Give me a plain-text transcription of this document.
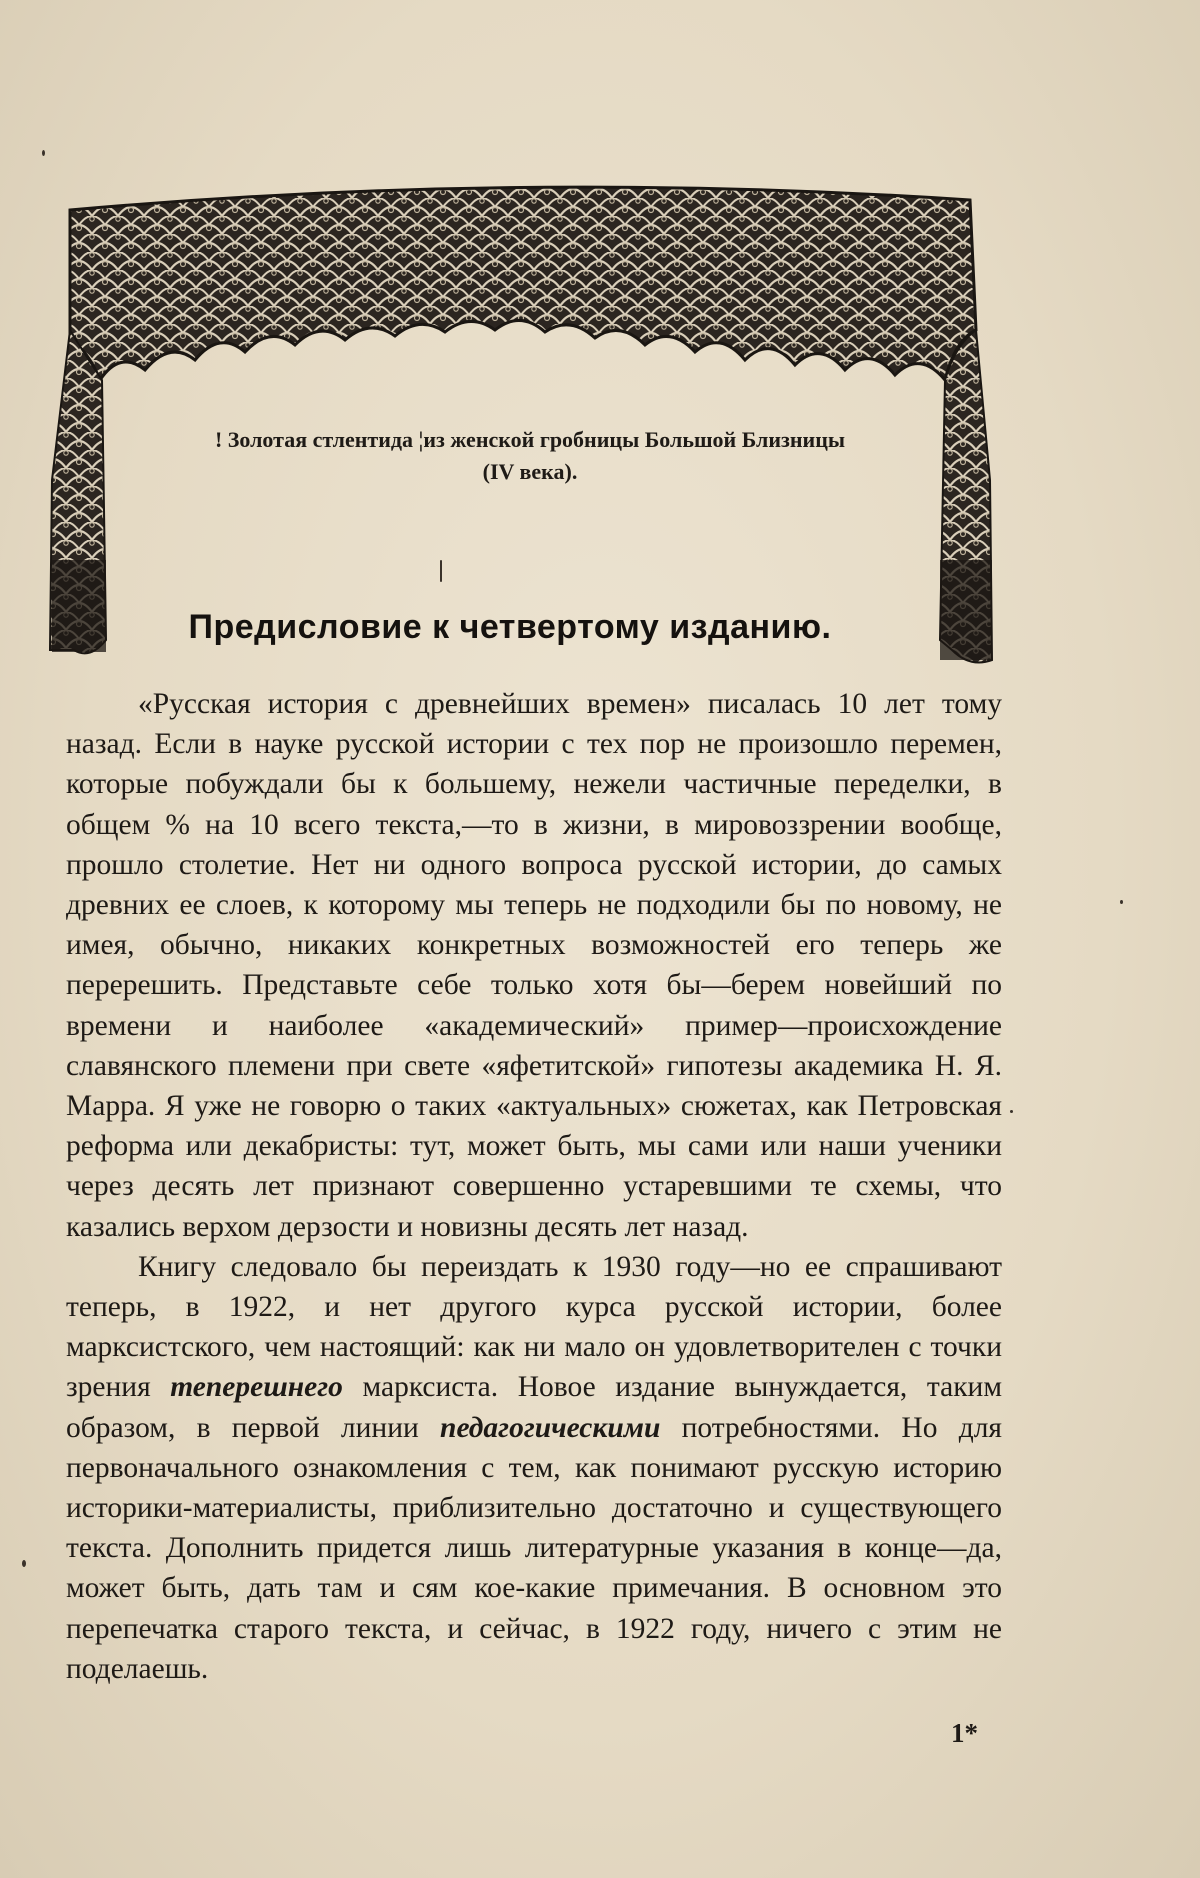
! Золотая стлентида ¦из женской гробницы Большой Близницы
(IV века).
Предисловие к четвертому изданию.

«Русская история с древнейших времен» писалась 10 лет тому назад. Если в науке русской истории с тех пор не произошло перемен, которые побуждали бы к большему, нежели частичные переделки, в общем % на 10 всего текста,—то в жизни, в мировоззрении вообще, прошло столетие. Нет ни одного вопроса русской истории, до самых древних ее слоев, к которому мы теперь не подходили бы по новому, не имея, обычно, никаких конкретных возможностей его теперь же перерешить. Представьте себе только хотя бы—берем новейший по времени и наиболее «академический» пример—происхождение славянского племени при свете «яфетитской» гипотезы академика Н. Я. Марра. Я уже не говорю о таких «актуальных» сюжетах, как Петровская реформа или декабристы: тут, может быть, мы сами или наши ученики через десять лет признают совершенно устаревшими те схемы, что казались верхом дерзости и новизны десять лет назад.

Книгу следовало бы переиздать к 1930 году—но ее спрашивают теперь, в 1922, и нет другого курса русской истории, более марксистского, чем настоящий: как ни мало он удовлетворителен с точки зрения теперешнего марксиста. Новое издание вынуждается, таким образом, в первой линии педагогическими потребностями. Но для первоначального ознакомления с тем, как понимают русскую историю историки-материалисты, приблизительно достаточно и существующего текста. Дополнить придется лишь литературные указания в конце—да, может быть, дать там и сям кое-какие примечания. В основном это перепечатка старого текста, и сейчас, в 1922 году, ничего с этим не поделаешь.

1*
